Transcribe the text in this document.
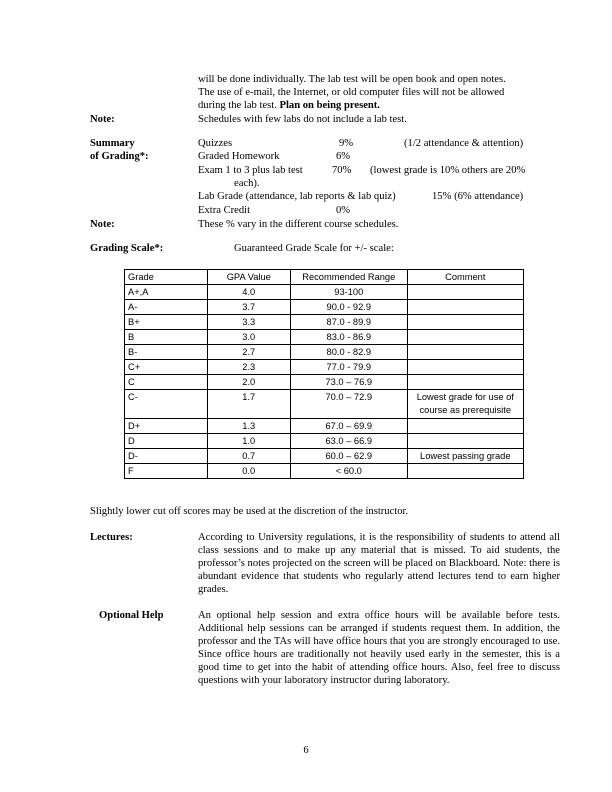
will be done individually. The lab test will be open book and open notes.
The use of e-mail, the Internet, or old computer files will not be allowed
during the lab test. Plan on being present.
Note:	Schedules with few labs do not include a lab test.
Summary
of Grading*:
Quizzes	9%	(1/2 attendance & attention)
Graded Homework	6%
Exam 1 to 3 plus lab test	70% (lowest grade is 10% others are 20%
each).
Lab Grade (attendance, lab reports & lab quiz)	15% (6% attendance)
Extra Credit	0%
Note:	These % vary in the different course schedules.
Grading Scale*:	Guaranteed Grade Scale for +/- scale:
Grade	GPA Value	Recommended Range	Comment
A+,A	4.0	93-100	
A-	3.7	90.0 - 92.9	
B+	3.3	87.0 - 89.9	
B	3.0	83.0 - 86.9	
B-	2.7	80.0 - 82.9	
C+	2.3	77.0 - 79.9	
C	2.0	73.0 – 76.9	
C-	1.7	70.0 – 72.9	Lowest grade for use of course as prerequisite
D+	1.3	67.0 – 69.9	
D	1.0	63.0 – 66.9	
D-	0.7	60.0 – 62.9	Lowest passing grade
F	0.0	< 60.0	
Slightly lower cut off scores may be used at the discretion of the instructor.
Lectures:	According to University regulations, it is the responsibility of students to attend all class sessions and to make up any material that is missed. To aid students, the professor’s notes projected on the screen will be placed on Blackboard. Note: there is abundant evidence that students who regularly attend lectures tend to earn higher grades.
Optional Help	An optional help session and extra office hours will be available before tests. Additional help sessions can be arranged if students request them. In addition, the professor and the TAs will have office hours that you are strongly encouraged to use. Since office hours are traditionally not heavily used early in the semester, this is a good time to get into the habit of attending office hours. Also, feel free to discuss questions with your laboratory instructor during laboratory.
6
